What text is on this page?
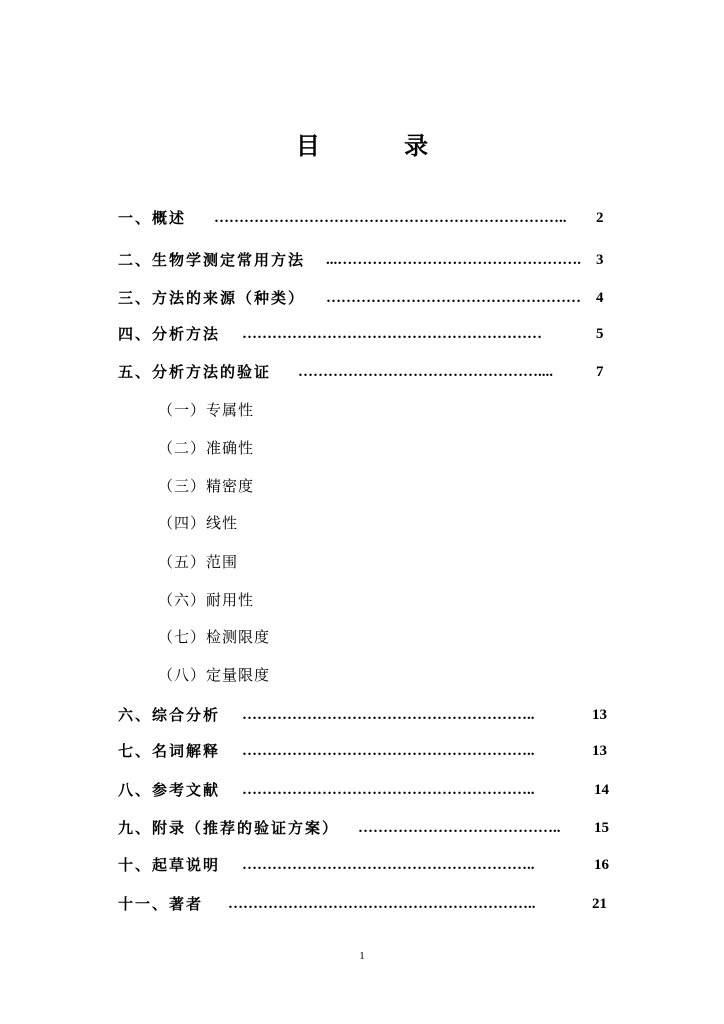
目 录
一、概述 ……………………………………………………………..	2
二、生物学测定常用方法 ...………………………………………….	3
三、方法的来源（种类） ……………………………………………	4
四、分析方法 ……………………………………………………	5
五、分析方法的验证 …………………………………………....	7
（一）专属性
（二）准确性
（三）精密度
（四）线性
（五）范围
（六）耐用性
（七）检测限度
（八）定量限度
六、综合分析 …………………………………………………..	13
七、名词解释 …………………………………………………..	13
八、参考文献 …………………………………………………..	14
九、附录（推荐的验证方案） …………………………………..	15
十、起草说明 …………………………………………………..	16
十一、著者 ……………………………………………………..	21
1
